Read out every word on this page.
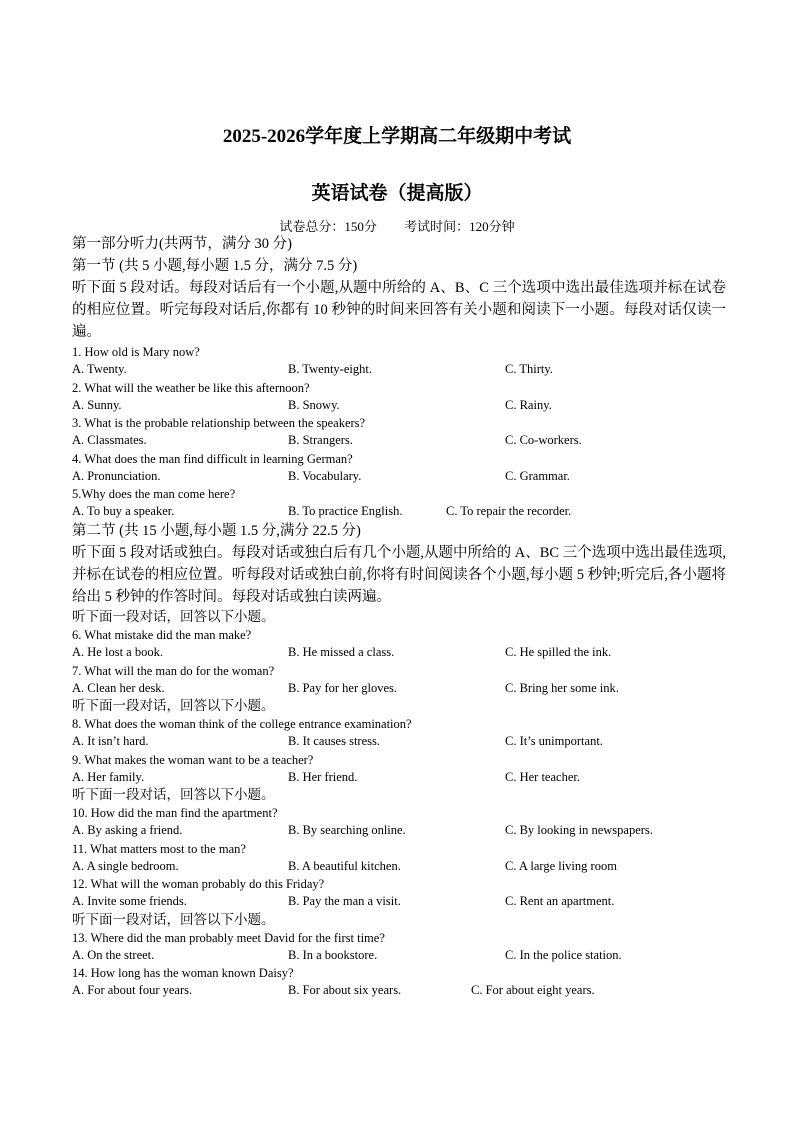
2025-2026学年度上学期高二年级期中考试
英语试卷（提高版）
试卷总分：150分 考试时间：120分钟
第一部分听力(共两节，满分 30 分)
第一节 (共 5 小题,每小题 1.5 分，满分 7.5 分)
听下面 5 段对话。每段对话后有一个小题,从题中所给的 A、B、C 三个选项中选出最佳选项并标在试卷的相应位置。听完每段对话后,你都有 10 秒钟的时间来回答有关小题和阅读下一小题。每段对话仅读一遍。
1. How old is Mary now?
A. Twenty.	B. Twenty-eight.	C. Thirty.
2. What will the weather be like this afternoon?
A. Sunny.	B. Snowy.	C. Rainy.
3. What is the probable relationship between the speakers?
A. Classmates.	B. Strangers.	C. Co-workers.
4. What does the man find difficult in learning German?
A. Pronunciation.	B. Vocabulary.	C. Grammar.
5.Why does the man come here?
A. To buy a speaker.	B. To practice English.	C. To repair the recorder.
第二节 (共 15 小题,每小题 1.5 分,满分 22.5 分)
听下面 5 段对话或独白。每段对话或独白后有几个小题,从题中所给的 A、BC 三个选项中选出最佳选项,并标在试卷的相应位置。听每段对话或独白前,你将有时间阅读各个小题,每小题 5 秒钟;听完后,各小题将给出 5 秒钟的作答时间。每段对话或独白读两遍。
听下面一段对话，回答以下小题。
6. What mistake did the man make?
A. He lost a book.	B. He missed a class.	C. He spilled the ink.
7. What will the man do for the woman?
A. Clean her desk.	B. Pay for her gloves.	C. Bring her some ink.
听下面一段对话，回答以下小题。
8. What does the woman think of the college entrance examination?
A. It isn’t hard.	B. It causes stress.	C. It’s unimportant.
9. What makes the woman want to be a teacher?
A. Her family.	B. Her friend.	C. Her teacher.
听下面一段对话，回答以下小题。
10. How did the man find the apartment?
A. By asking a friend.	B. By searching online.	C. By looking in newspapers.
11. What matters most to the man?
A. A single bedroom.	B. A beautiful kitchen.	C. A large living room
12. What will the woman probably do this Friday?
A. Invite some friends.	B. Pay the man a visit.	C. Rent an apartment.
听下面一段对话，回答以下小题。
13. Where did the man probably meet David for the first time?
A. On the street.	B. In a bookstore.	C. In the police station.
14. How long has the woman known Daisy?
A. For about four years.	B. For about six years.	C. For about eight years.
